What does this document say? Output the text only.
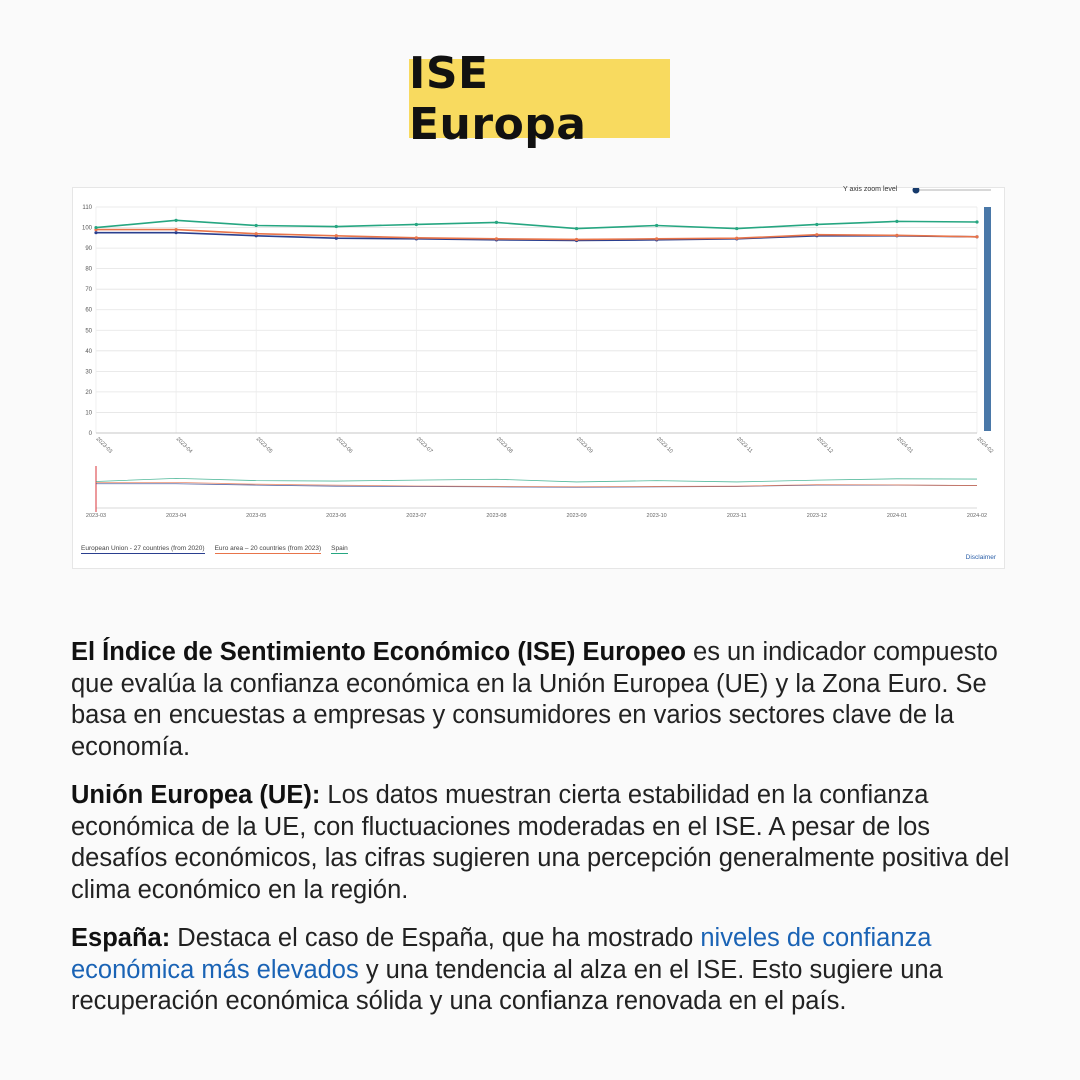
ISE Europa
Y axis zoom level
0
10
20
30
40
50
60
70
80
90
100
110
2023-03	2023-04	2023-05	2023-06	2023-07	2023-08	2023-09	2023-10	2023-11	2023-12	2024-01	2024-02
2023-03	2023-04	2023-05	2023-06	2023-07	2023-08	2023-09	2023-10	2023-11	2023-12	2024-01	2024-02
European Union - 27 countries (from 2020) Euro area – 20 countries (from 2023) Spain
Disclaimer

El Índice de Sentimiento Económico (ISE) Europeo es un indicador compuesto que evalúa la confianza económica en la Unión Europea (UE) y la Zona Euro. Se basa en encuestas a empresas y consumidores en varios sectores clave de la economía.

Unión Europea (UE): Los datos muestran cierta estabilidad en la confianza económica de la UE, con fluctuaciones moderadas en el ISE. A pesar de los desafíos económicos, las cifras sugieren una percepción generalmente positiva del clima económico en la región.

España: Destaca el caso de España, que ha mostrado niveles de confianza económica más elevados y una tendencia al alza en el ISE. Esto sugiere una recuperación económica sólida y una confianza renovada en el país.
